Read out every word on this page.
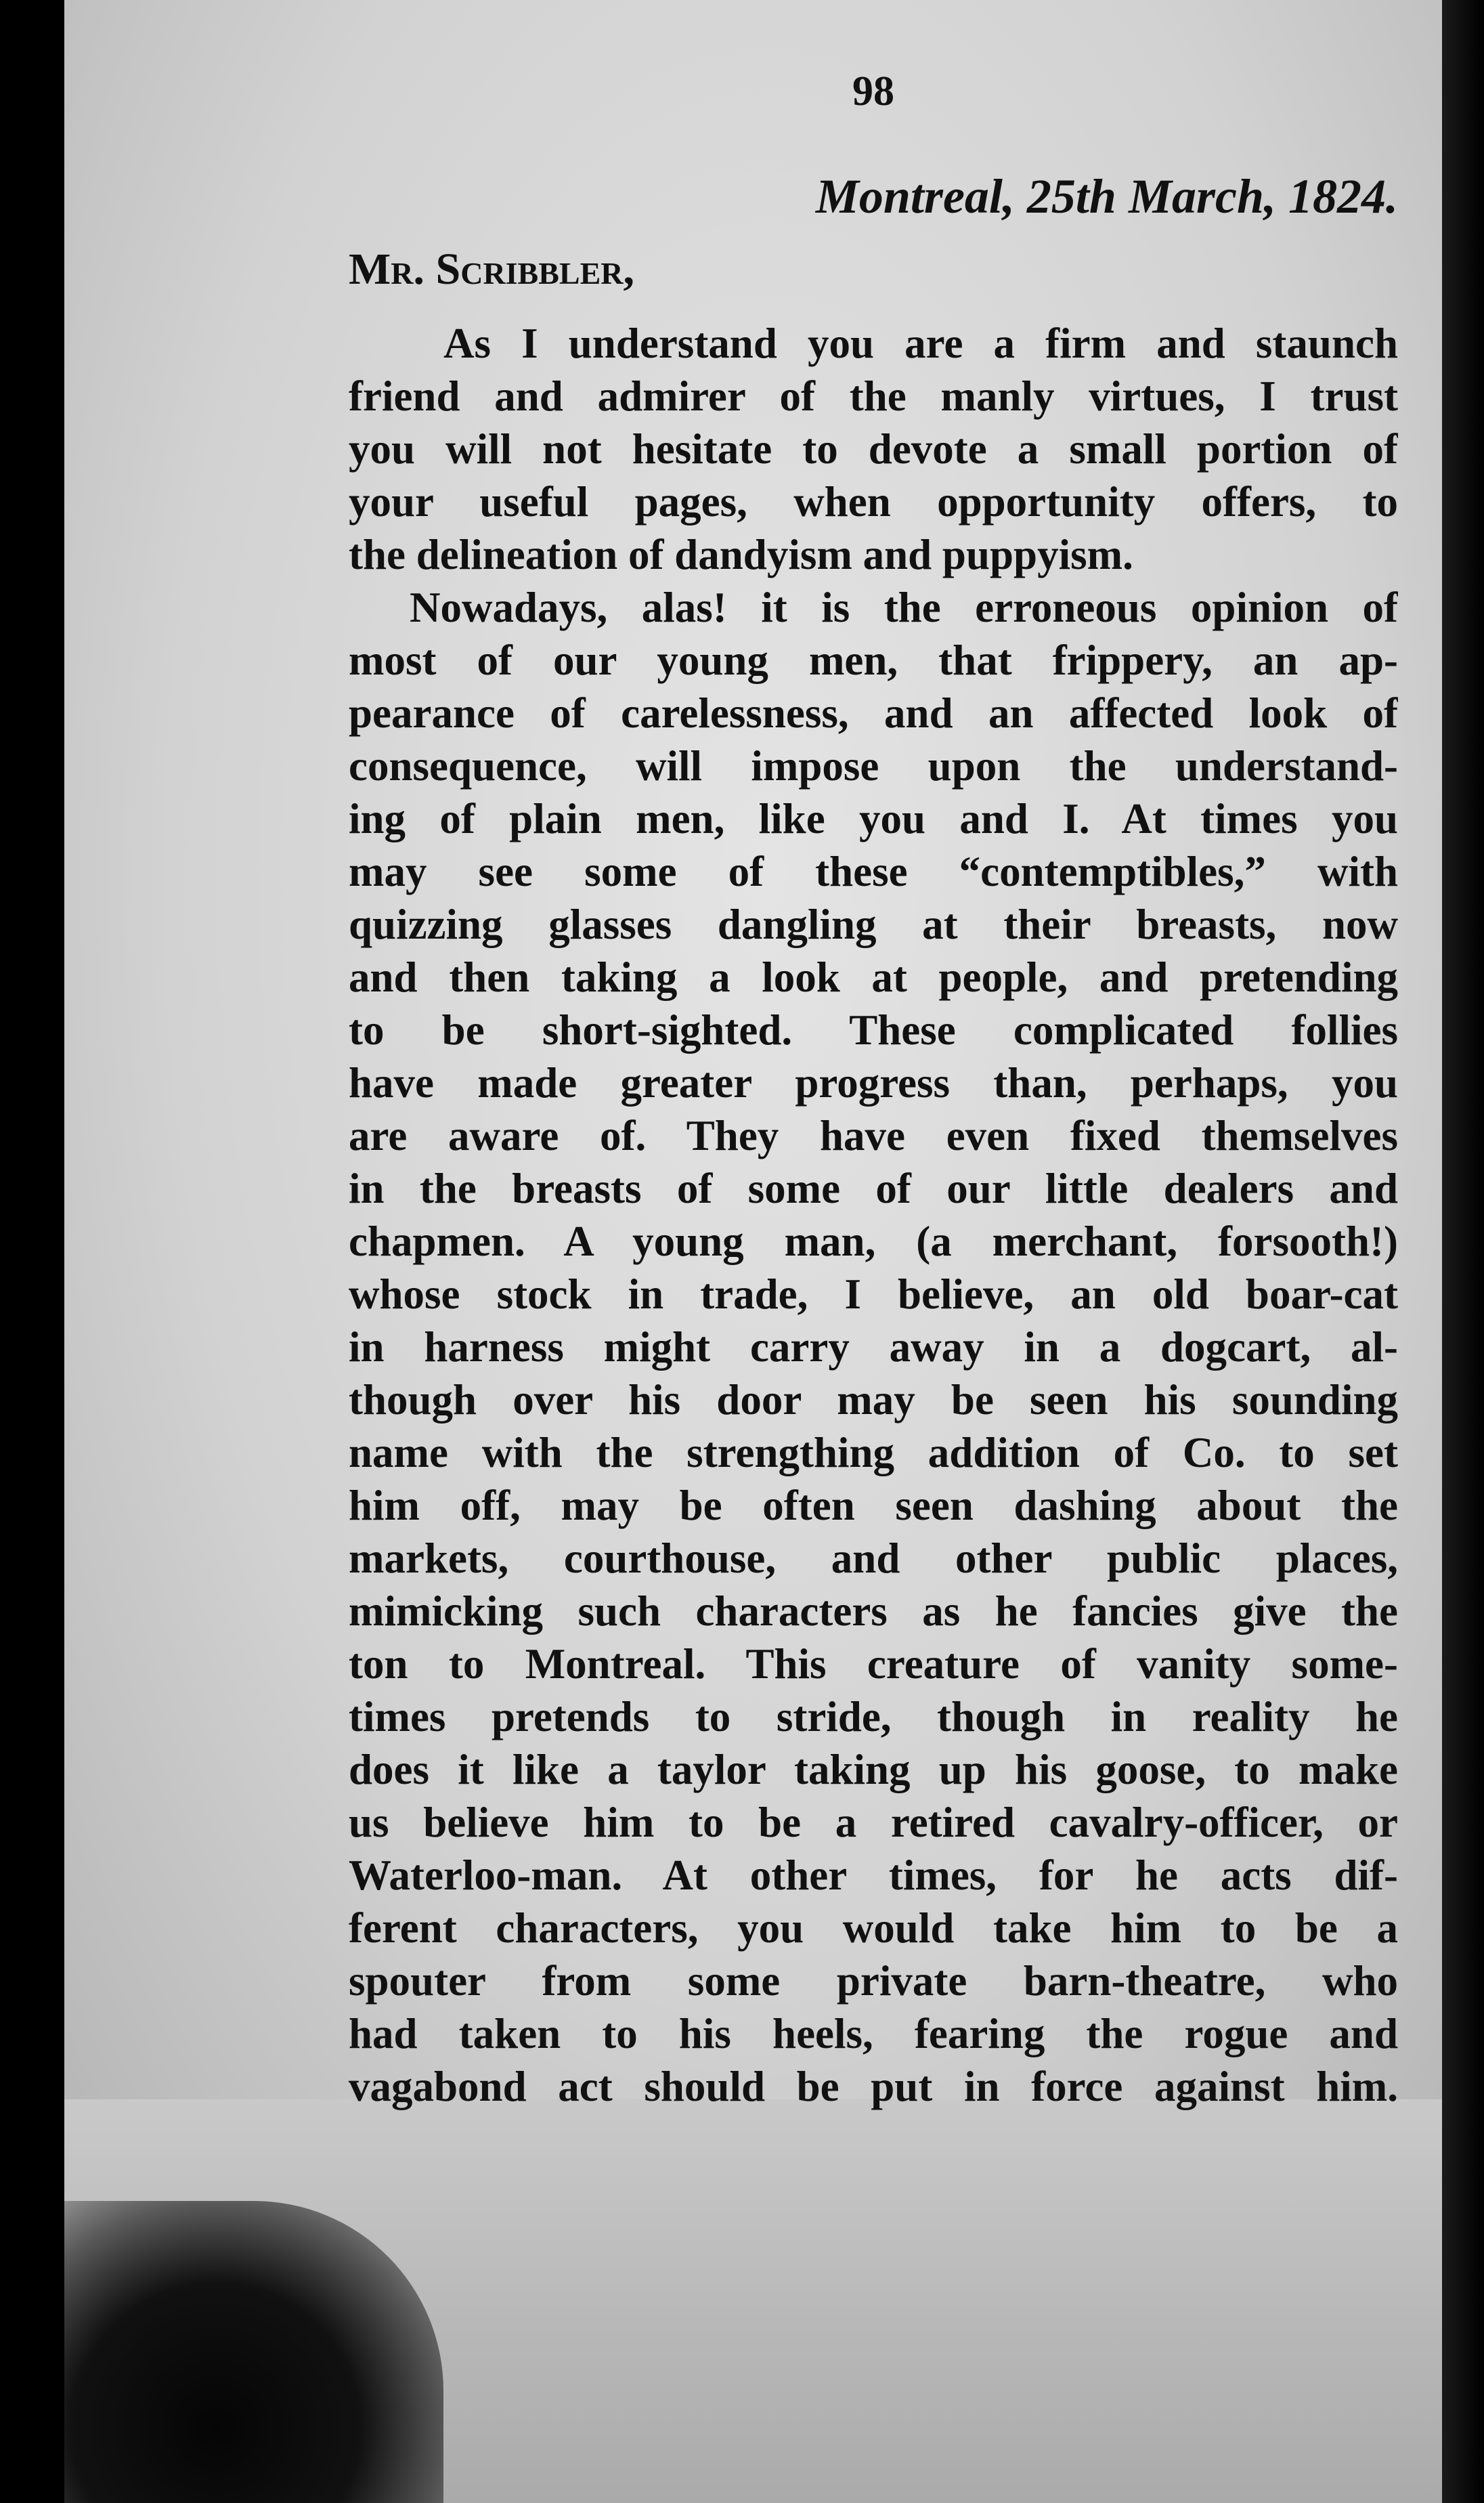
98
Montreal, 25th March, 1824.
Mr. Scribbler,
As I understand you are a firm and staunch
friend and admirer of the manly virtues, I trust
you will not hesitate to devote a small portion of
your useful pages, when opportunity offers, to
the delineation of dandyism and puppyism.
Nowadays, alas! it is the erroneous opinion of
most of our young men, that frippery, an ap-
pearance of carelessness, and an affected look of
consequence, will impose upon the understand-
ing of plain men, like you and I. At times you
may see some of these “contemptibles,” with
quizzing glasses dangling at their breasts, now
and then taking a look at people, and pretending
to be short-sighted. These complicated follies
have made greater progress than, perhaps, you
are aware of. They have even fixed themselves
in the breasts of some of our little dealers and
chapmen. A young man, (a merchant, forsooth!)
whose stock in trade, I believe, an old boar-cat
in harness might carry away in a dogcart, al-
though over his door may be seen his sounding
name with the strengthing addition of Co. to set
him off, may be often seen dashing about the
markets, courthouse, and other public places,
mimicking such characters as he fancies give the
ton to Montreal. This creature of vanity some-
times pretends to stride, though in reality he
does it like a taylor taking up his goose, to make
us believe him to be a retired cavalry-officer, or
Waterloo-man. At other times, for he acts dif-
ferent characters, you would take him to be a
spouter from some private barn-theatre, who
had taken to his heels, fearing the rogue and
vagabond act should be put in force against him.
